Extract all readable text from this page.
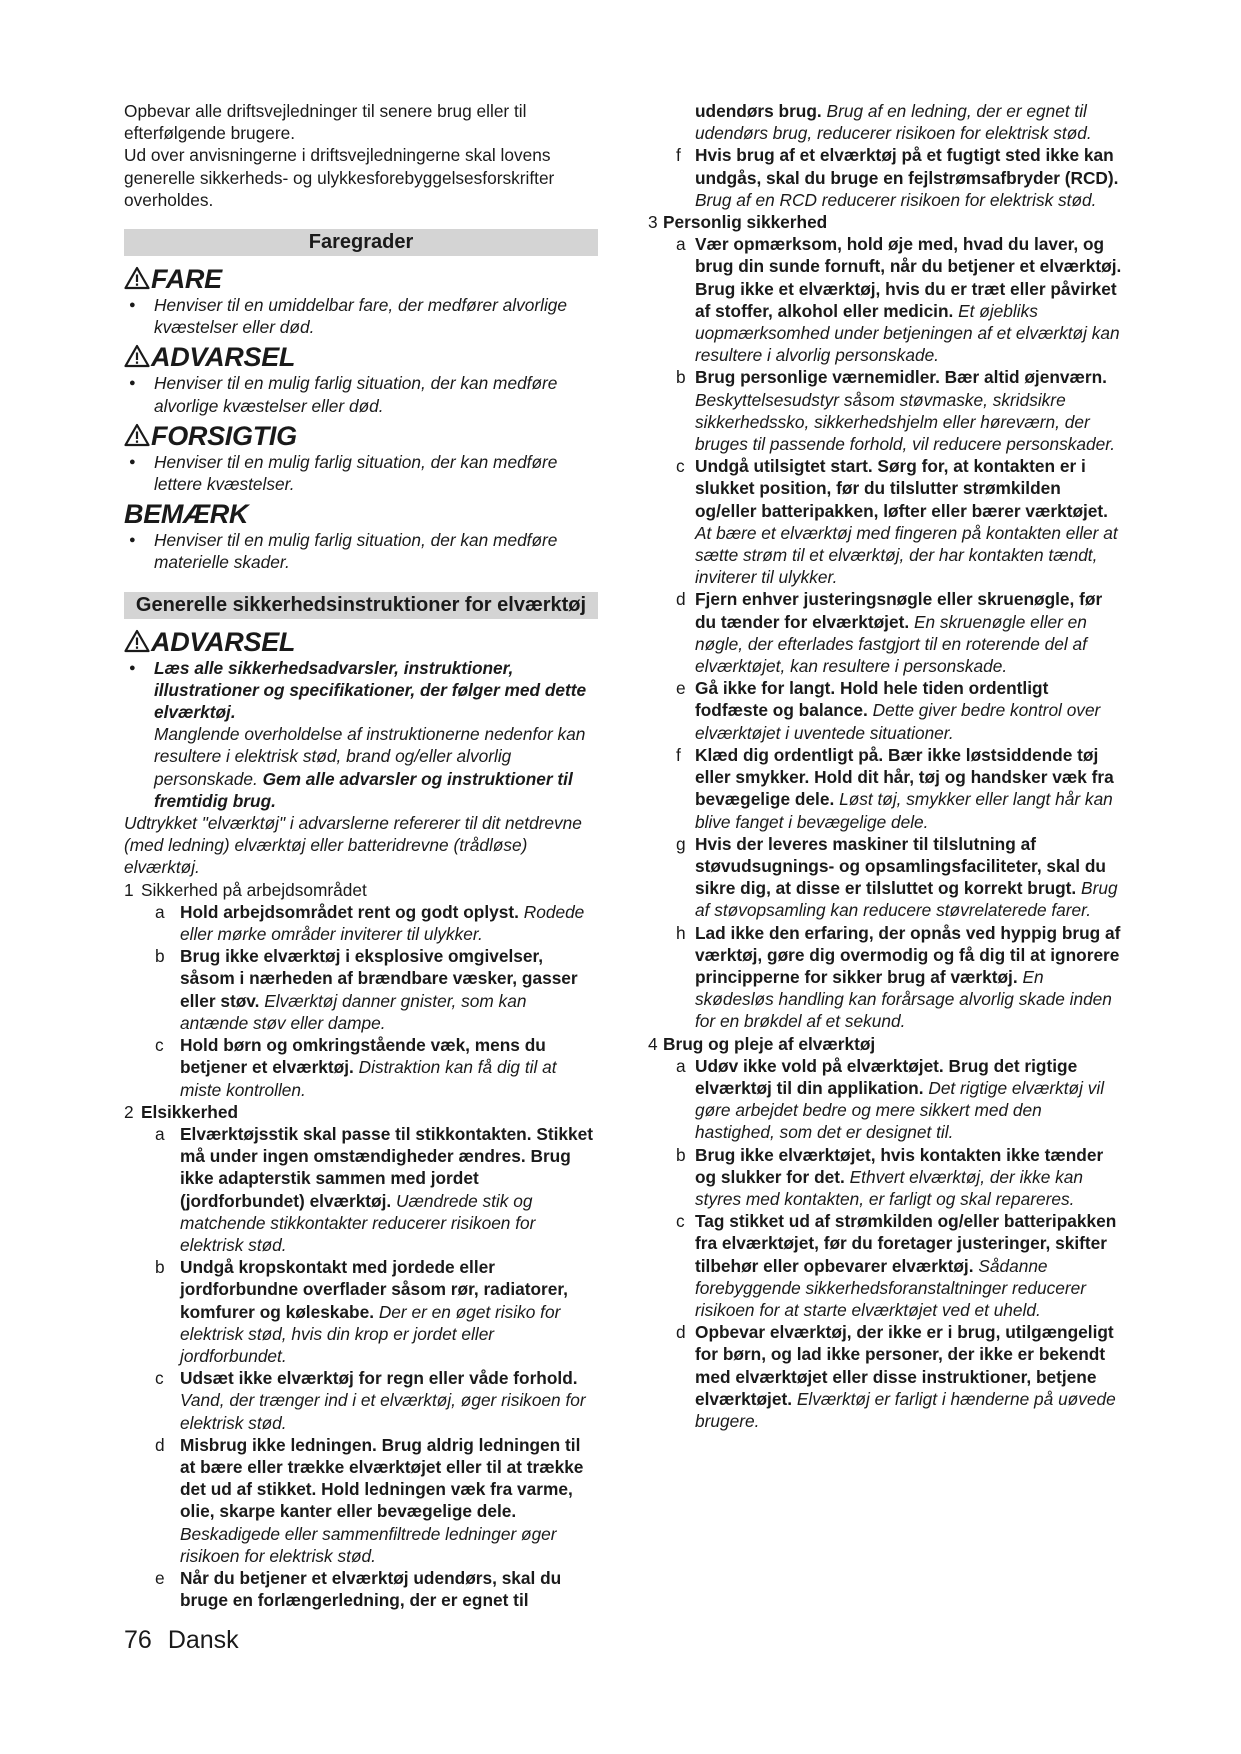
Opbevar alle driftsvejledninger til senere brug eller til efterfølgende brugere.

Ud over anvisningerne i driftsvejledningerne skal lovens generelle sikkerheds- og ulykkesforebyggelsesforskrifter overholdes.

Faregrader
FARE
● Henviser til en umiddelbar fare, der medfører alvorlige kvæstelser eller død.
ADVARSEL
● Henviser til en mulig farlig situation, der kan medføre alvorlige kvæstelser eller død.
FORSIGTIG
● Henviser til en mulig farlig situation, der kan medføre lettere kvæstelser.
BEMÆRK
● Henviser til en mulig farlig situation, der kan medføre materielle skader.
Generelle sikkerhedsinstruktioner for elværktøj
ADVARSEL
● Læs alle sikkerhedsadvarsler, instruktioner, illustrationer og specifikationer, der følger med dette elværktøj.

Manglende overholdelse af instruktionerne nedenfor kan resultere i elektrisk stød, brand og/eller alvorlig personskade. Gem alle advarsler og instruktioner til fremtidig brug.

Udtrykket "elværktøj" i advarslerne refererer til dit netdrevne (med ledning) elværktøj eller batteridrevne (trådløse) elværktøj.

1 Sikkerhed på arbejdsområdet
a Hold arbejdsområdet rent og godt oplyst. Rodede eller mørke områder inviterer til ulykker.
b Brug ikke elværktøj i eksplosive omgivelser, såsom i nærheden af brændbare væsker, gasser eller støv. Elværktøj danner gnister, som kan antænde støv eller dampe.
c Hold børn og omkringstående væk, mens du betjener et elværktøj. Distraktion kan få dig til at miste kontrollen.
2 Elsikkerhed
a Elværktøjsstik skal passe til stikkontakten. Stikket må under ingen omstændigheder ændres. Brug ikke adapterstik sammen med jordet (jordforbundet) elværktøj. Uændrede stik og matchende stikkontakter reducerer risikoen for elektrisk stød.
b Undgå kropskontakt med jordede eller jordforbundne overflader såsom rør, radiatorer, komfurer og køleskabe. Der er en øget risiko for elektrisk stød, hvis din krop er jordet eller jordforbundet.
c Udsæt ikke elværktøj for regn eller våde forhold. Vand, der trænger ind i et elværktøj, øger risikoen for elektrisk stød.
d Misbrug ikke ledningen. Brug aldrig ledningen til at bære eller trække elværktøjet eller til at trække det ud af stikket. Hold ledningen væk fra varme, olie, skarpe kanter eller bevægelige dele. Beskadigede eller sammenfiltrede ledninger øger risikoen for elektrisk stød.
e Når du betjener et elværktøj udendørs, skal du bruge en forlængerledning, der er egnet til

udendørs brug. Brug af en ledning, der er egnet til udendørs brug, reducerer risikoen for elektrisk stød.

f Hvis brug af et elværktøj på et fugtigt sted ikke kan undgås, skal du bruge en fejlstrømsafbryder (RCD). Brug af en RCD reducerer risikoen for elektrisk stød.
3 Personlig sikkerhed
a Vær opmærksom, hold øje med, hvad du laver, og brug din sunde fornuft, når du betjener et elværktøj. Brug ikke et elværktøj, hvis du er træt eller påvirket af stoffer, alkohol eller medicin. Et øjebliks uopmærksomhed under betjeningen af et elværktøj kan resultere i alvorlig personskade.
b Brug personlige værnemidler. Bær altid øjenværn. Beskyttelsesudstyr såsom støvmaske, skridsikre sikkerhedssko, sikkerhedshjelm eller høreværn, der bruges til passende forhold, vil reducere personskader.
c Undgå utilsigtet start. Sørg for, at kontakten er i slukket position, før du tilslutter strømkilden og/eller batteripakken, løfter eller bærer værktøjet. At bære et elværktøj med fingeren på kontakten eller at sætte strøm til et elværktøj, der har kontakten tændt, inviterer til ulykker.
d Fjern enhver justeringsnøgle eller skruenøgle, før du tænder for elværktøjet. En skruenøgle eller en nøgle, der efterlades fastgjort til en roterende del af elværktøjet, kan resultere i personskade.
e Gå ikke for langt. Hold hele tiden ordentligt fodfæste og balance. Dette giver bedre kontrol over elværktøjet i uventede situationer.
f Klæd dig ordentligt på. Bær ikke løstsiddende tøj eller smykker. Hold dit hår, tøj og handsker væk fra bevægelige dele. Løst tøj, smykker eller langt hår kan blive fanget i bevægelige dele.
g Hvis der leveres maskiner til tilslutning af støvudsugnings- og opsamlingsfaciliteter, skal du sikre dig, at disse er tilsluttet og korrekt brugt. Brug af støvopsamling kan reducere støvrelaterede farer.
h Lad ikke den erfaring, der opnås ved hyppig brug af værktøj, gøre dig overmodig og få dig til at ignorere principperne for sikker brug af værktøj. En skødesløs handling kan forårsage alvorlig skade inden for en brøkdel af et sekund.
4 Brug og pleje af elværktøj
a Udøv ikke vold på elværktøjet. Brug det rigtige elværktøj til din applikation. Det rigtige elværktøj vil gøre arbejdet bedre og mere sikkert med den hastighed, som det er designet til.
b Brug ikke elværktøjet, hvis kontakten ikke tænder og slukker for det. Ethvert elværktøj, der ikke kan styres med kontakten, er farligt og skal repareres.
c Tag stikket ud af strømkilden og/eller batteripakken fra elværktøjet, før du foretager justeringer, skifter tilbehør eller opbevarer elværktøj. Sådanne forebyggende sikkerhedsforanstaltninger reducerer risikoen for at starte elværktøjet ved et uheld.
d Opbevar elværktøj, der ikke er i brug, utilgængeligt for børn, og lad ikke personer, der ikke er bekendt med elværktøjet eller disse instruktioner, betjene elværktøjet. Elværktøj er farligt i hænderne på uøvede brugere.
76 Dansk
